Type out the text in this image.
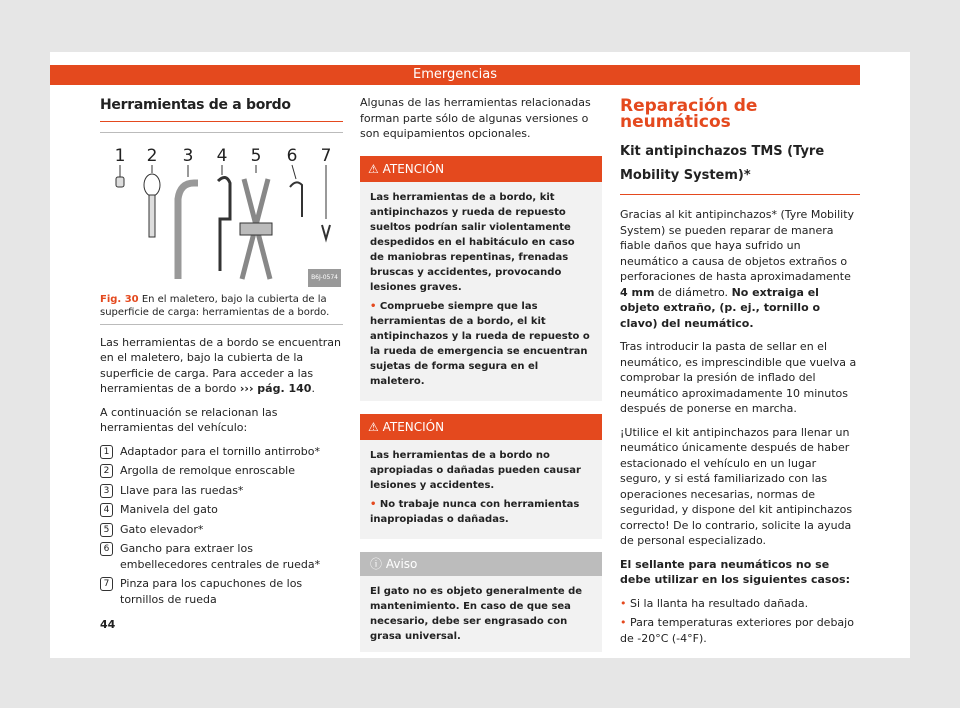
Emergencias
Herramientas de a bordo
1 2 3 4 5 6 7
B6J-0574
Fig. 30 En el maletero, bajo la cubierta de la superficie de carga: herramientas de a bordo.

Las herramientas de a bordo se encuentran en el maletero, bajo la cubierta de la superficie de carga. Para acceder a las herramientas de a bordo ››› pág. 140.

A continuación se relacionan las herramientas del vehículo:

1 Adaptador para el tornillo antirrobo*
2 Argolla de remolque enroscable
3 Llave para las ruedas*
4 Manivela del gato
5 Gato elevador*
6 Gancho para extraer los embellecedores centrales de rueda*
7 Pinza para los capuchones de los tornillos de rueda

Algunas de las herramientas relacionadas forman parte sólo de algunas versiones o son equipamientos opcionales.

⚠ ATENCIÓN

Las herramientas de a bordo, kit antipinchazos y rueda de repuesto sueltos podrían salir violentamente despedidos en el habitáculo en caso de maniobras repentinas, frenadas bruscas y accidentes, provocando lesiones graves.

• Compruebe siempre que las herramientas de a bordo, el kit antipinchazos y la rueda de repuesto o la rueda de emergencia se encuentran sujetas de forma segura en el maletero.

⚠ ATENCIÓN

Las herramientas de a bordo no apropiadas o dañadas pueden causar lesiones y accidentes.

• No trabaje nunca con herramientas inapropiadas o dañadas.

ⓘ Aviso
El gato no es objeto generalmente de mantenimiento. En caso de que sea necesario, debe ser engrasado con grasa universal.
Reparación de neumáticos
Kit antipinchazos TMS (Tyre Mobility System)*

Gracias al kit antipinchazos* (Tyre Mobility System) se pueden reparar de manera fiable daños que haya sufrido un neumático a causa de objetos extraños o perforaciones de hasta aproximadamente 4 mm de diámetro. No extraiga el objeto extraño, (p. ej., tornillo o clavo) del neumático.

Tras introducir la pasta de sellar en el neumático, es imprescindible que vuelva a comprobar la presión de inflado del neumático aproximadamente 10 minutos después de ponerse en marcha.

¡Utilice el kit antipinchazos para llenar un neumático únicamente después de haber estacionado el vehículo en un lugar seguro, y si está familiarizado con las operaciones necesarias, normas de seguridad, y dispone del kit antipinchazos correcto! De lo contrario, solicite la ayuda de personal especializado.

El sellante para neumáticos no se debe utilizar en los siguientes casos:

• Si la llanta ha resultado dañada.

• Para temperaturas exteriores por debajo de -20°C (-4°F).

44
